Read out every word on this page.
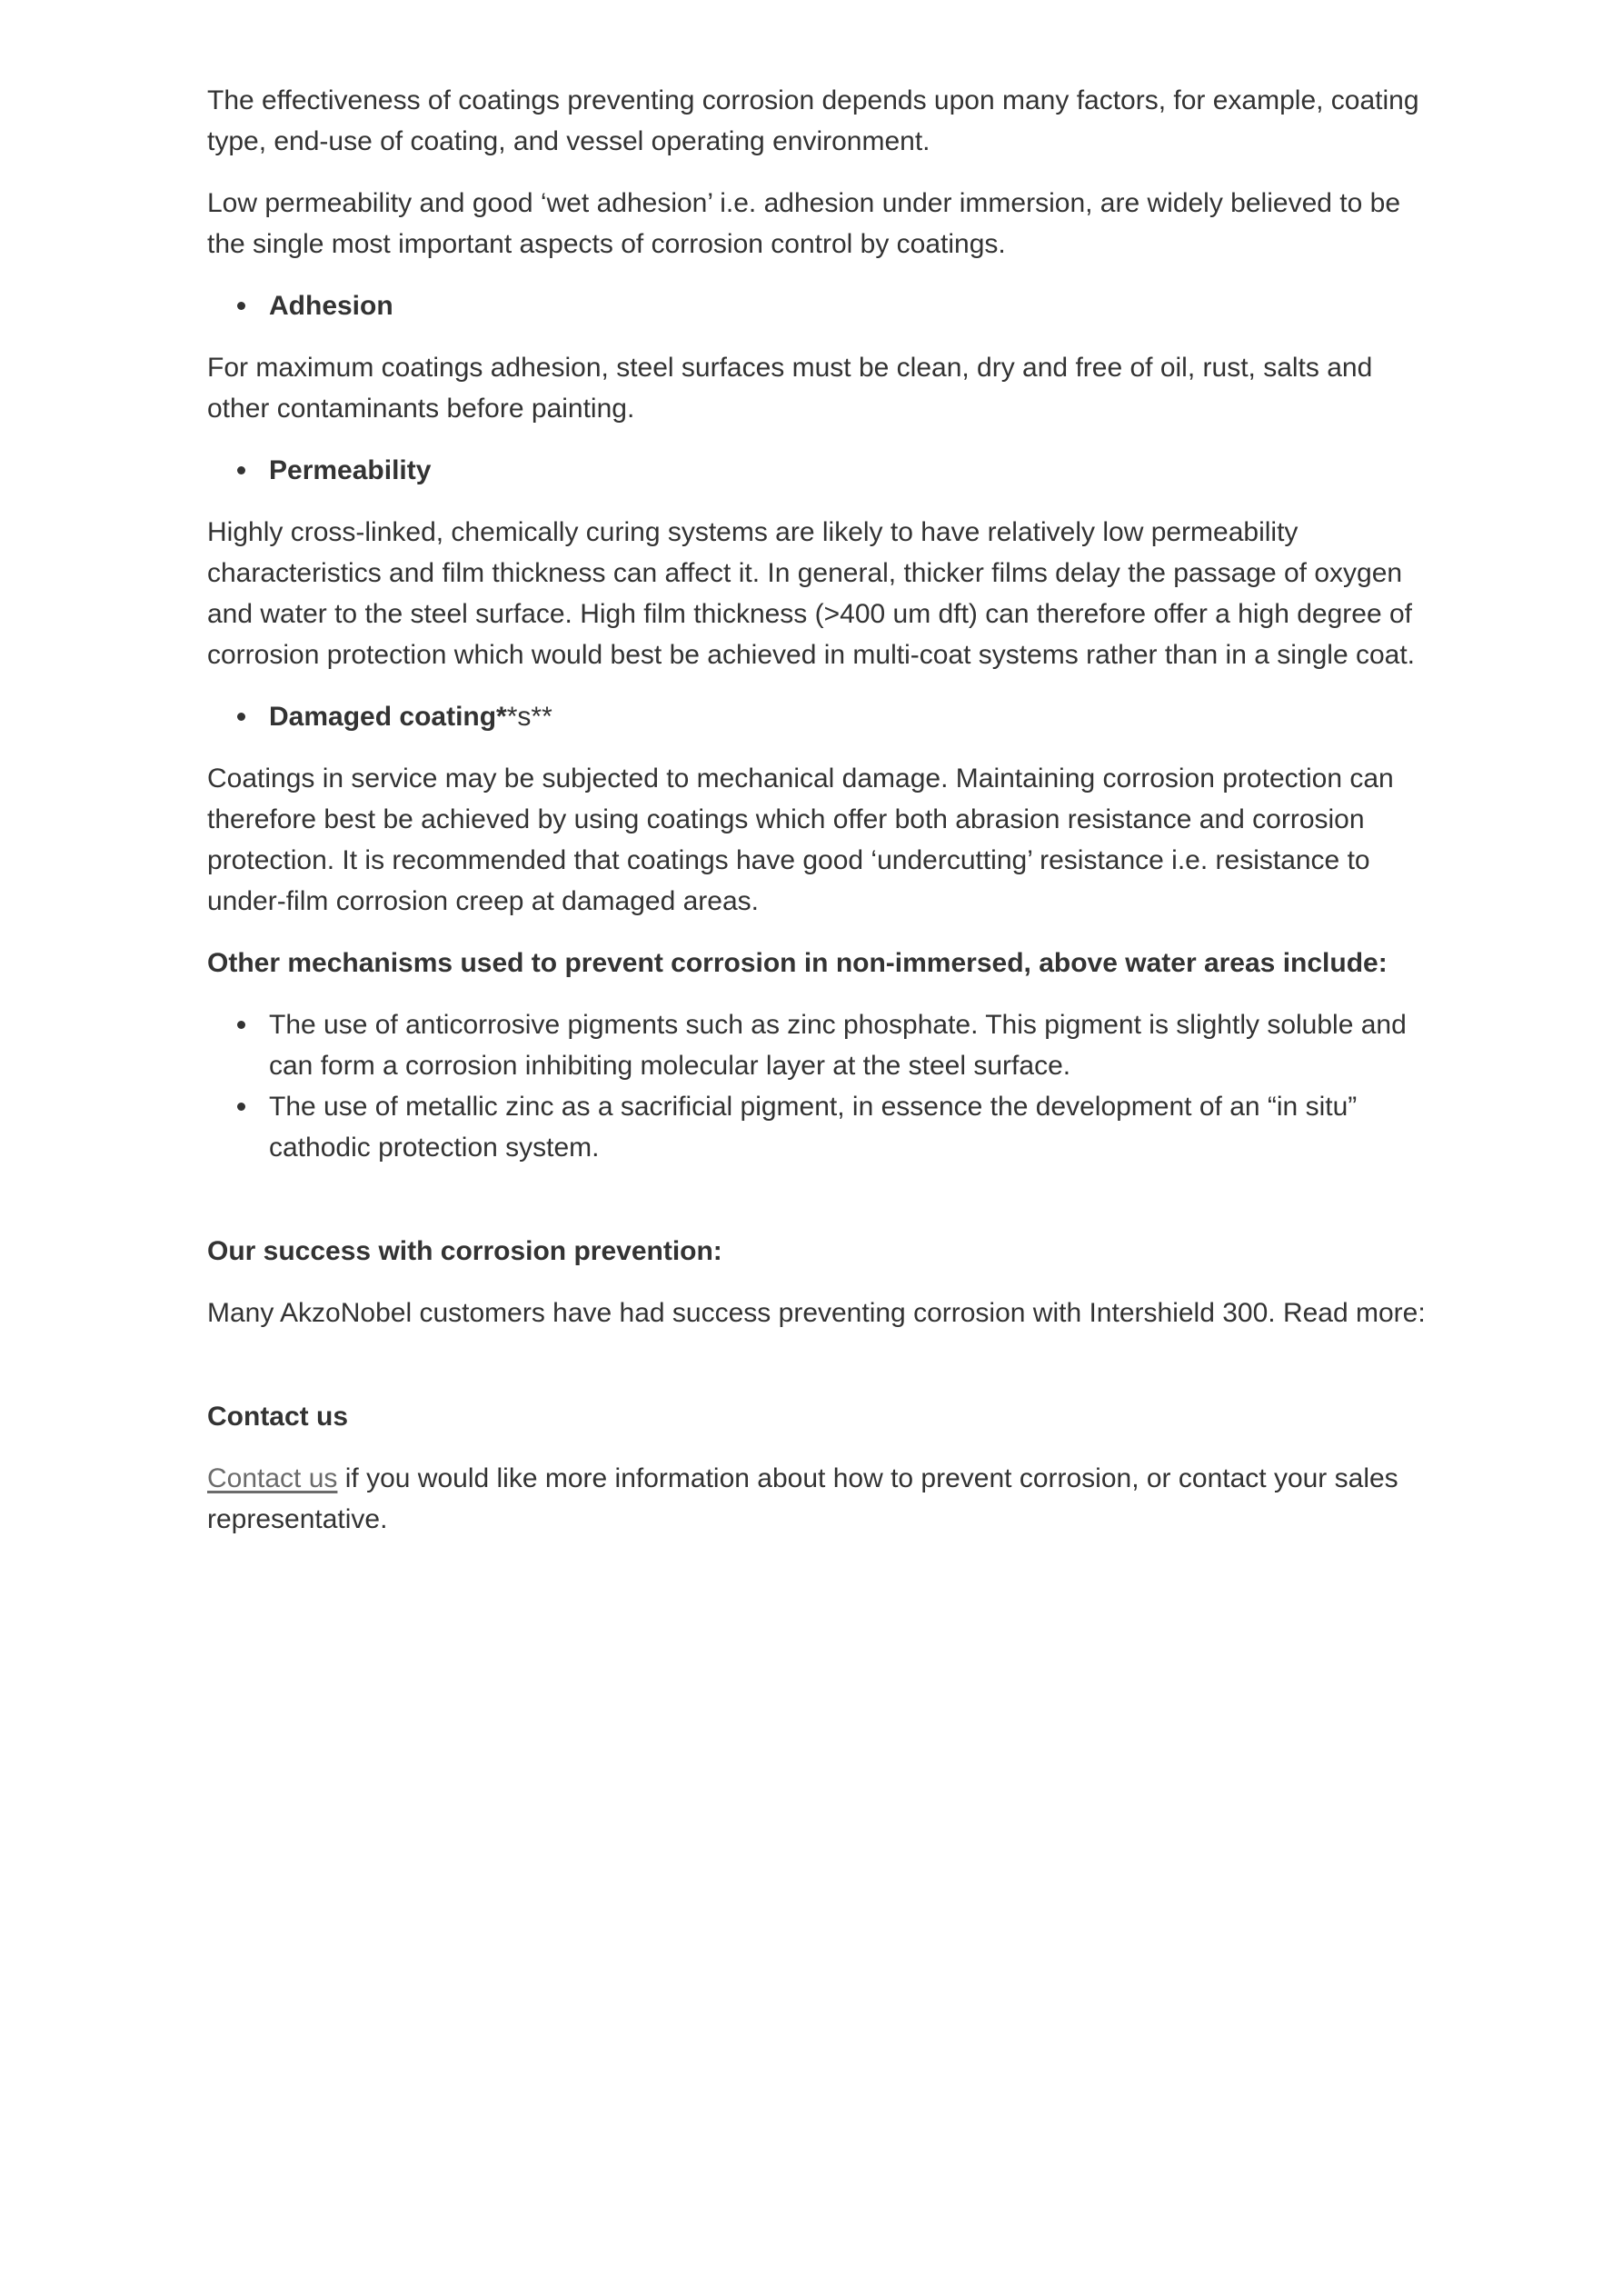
The effectiveness of coatings preventing corrosion depends upon many factors, for example, coating type, end-use of coating, and vessel operating environment.

Low permeability and good ‘wet adhesion’ i.e. adhesion under immersion, are widely believed to be the single most important aspects of corrosion control by coatings.

Adhesion

For maximum coatings adhesion, steel surfaces must be clean, dry and free of oil, rust, salts and other contaminants before painting.

Permeability

Highly cross-linked, chemically curing systems are likely to have relatively low permeability characteristics and film thickness can affect it. In general, thicker films delay the passage of oxygen and water to the steel surface. High film thickness (>400 um dft) can therefore offer a high degree of corrosion protection which would best be achieved in multi-coat systems rather than in a single coat.

Damaged coating**s**

Coatings in service may be subjected to mechanical damage. Maintaining corrosion protection can therefore best be achieved by using coatings which offer both abrasion resistance and corrosion protection. It is recommended that coatings have good ‘undercutting’ resistance i.e. resistance to under-film corrosion creep at damaged areas.

Other mechanisms used to prevent corrosion in non-immersed, above water areas include:

The use of anticorrosive pigments such as zinc phosphate. This pigment is slightly soluble and can form a corrosion inhibiting molecular layer at the steel surface.
The use of metallic zinc as a sacrificial pigment, in essence the development of an “in situ” cathodic protection system.

Our success with corrosion prevention:

Many AkzoNobel customers have had success preventing corrosion with Intershield 300. Read more:

Contact us

Contact us if you would like more information about how to prevent corrosion, or contact your sales representative.
